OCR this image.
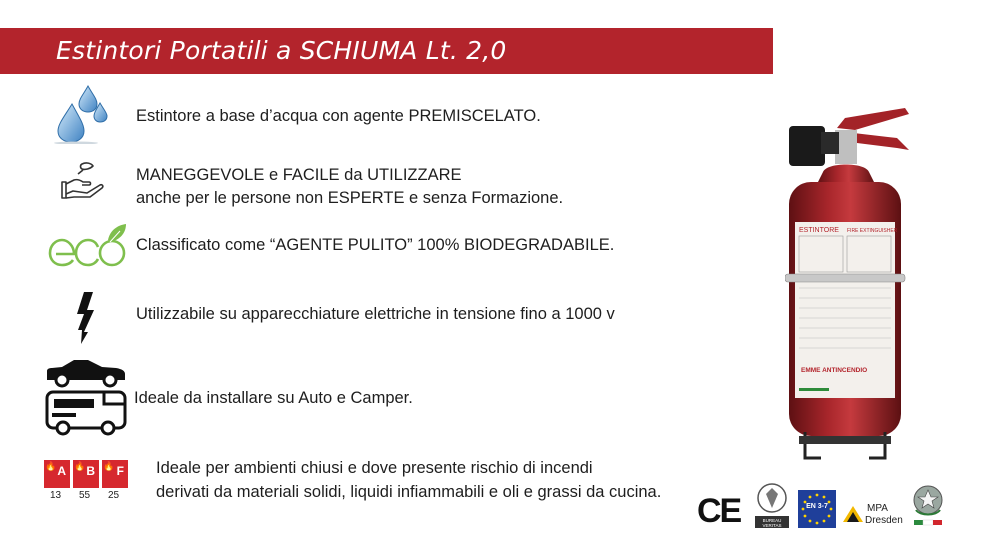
Estintori Portatili a SCHIUMA Lt. 2,0
Estintore a base d’acqua con agente PREMISCELATO.
MANEGGEVOLE e FACILE da UTILIZZARE
anche per le persone non ESPERTE e senza Formazione.
Classificato come “AGENTE PULITO” 100% BIODEGRADABILE.
Utilizzabile su apparecchiature elettriche in tensione fino a 1000 v
Ideale da installare su Auto e Camper.
🔥 A 🔥 B 🔥 F
13 55 25
Ideale per ambienti chiusi e dove presente rischio di incendi
derivati da materiali solidi, liquidi infiammabili e oli e grassi da cucina.
ESTINTORE FIRE EXTINGUISHER
EMME ANTINCENDIO
CE	BUREAU VERITAS
EN 3-7	MPA
Dresden
